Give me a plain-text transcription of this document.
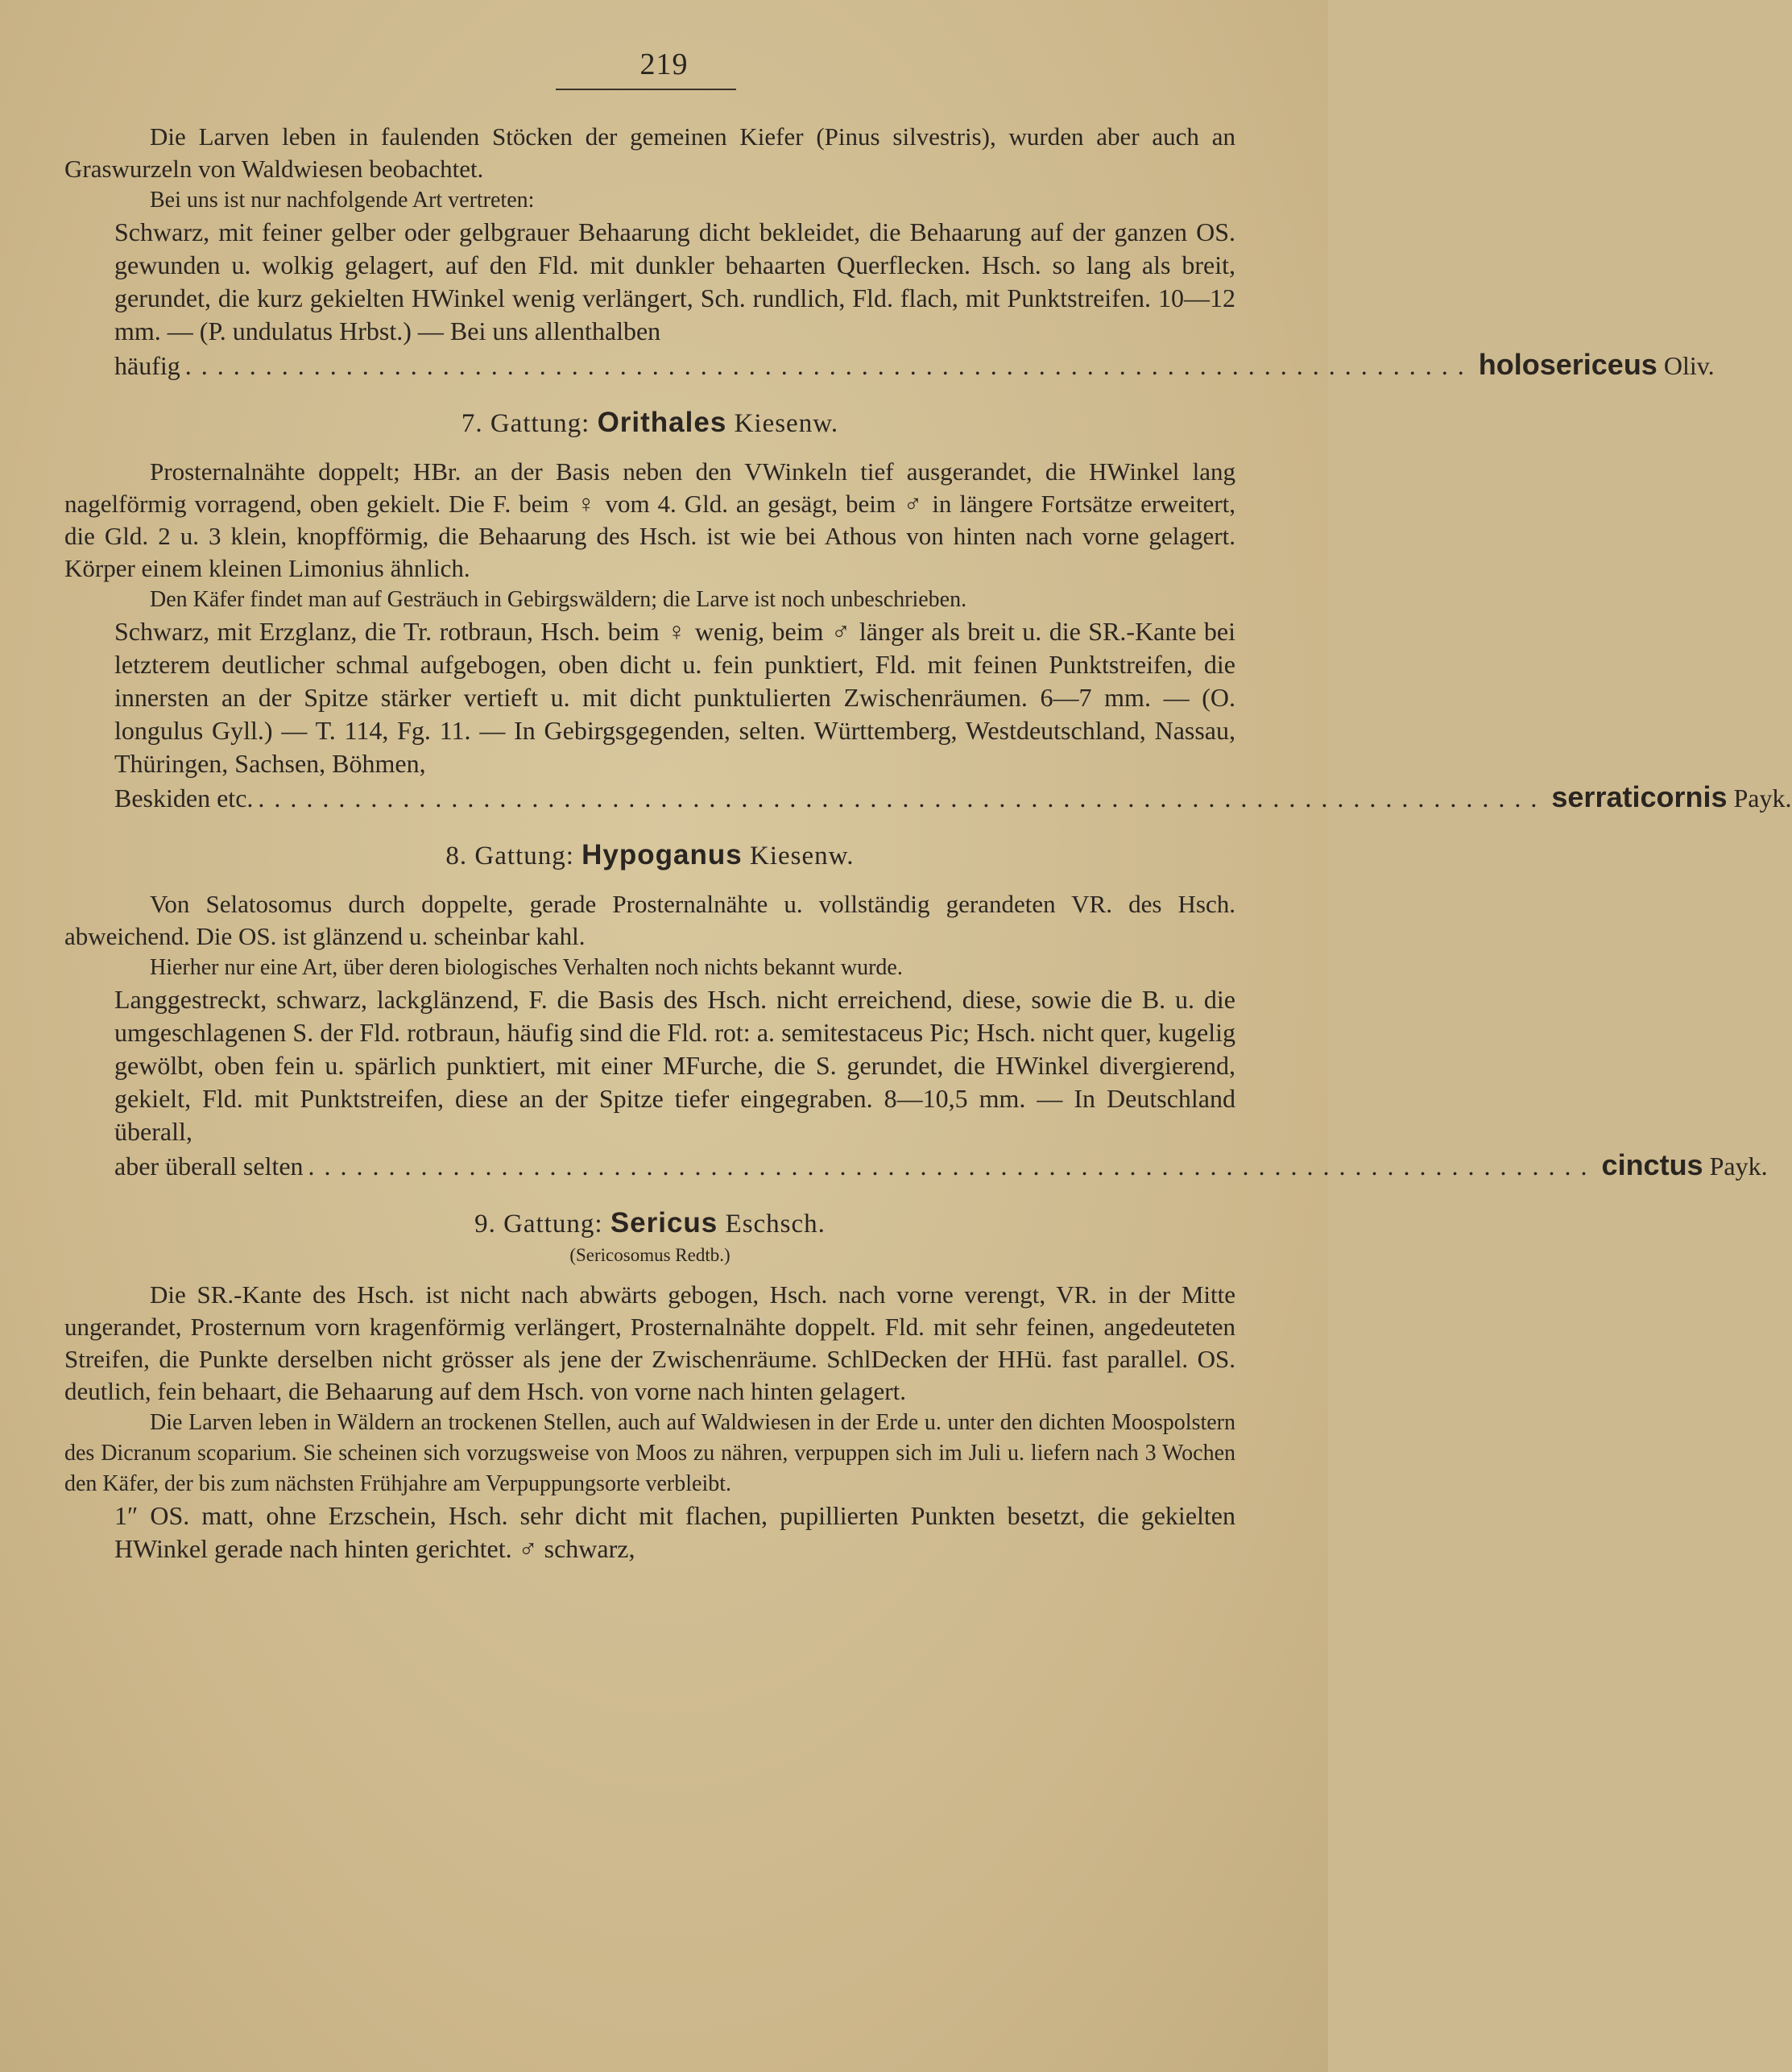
219

Die Larven leben in faulenden Stöcken der gemeinen Kiefer (Pinus silvestris), wurden aber auch an Graswurzeln von Waldwiesen beobachtet.

Bei uns ist nur nachfolgende Art vertreten:

Schwarz, mit feiner gelber oder gelbgrauer Behaarung dicht bekleidet, die Behaarung auf der ganzen OS. gewunden u. wolkig gelagert, auf den Fld. mit dunkler behaarten Querflecken. Hsch. so lang als breit, gerundet, die kurz gekielten HWinkel wenig verlängert, Sch. rundlich, Fld. flach, mit Punktstreifen. 10—12 mm. — (P. undulatus Hrbst.) — Bei uns allenthalben

häufig ................................................................................ holosericeus Oliv.
7. Gattung: Orithales Kiesenw.

Prosternalnähte doppelt; HBr. an der Basis neben den VWinkeln tief ausgerandet, die HWinkel lang nagelförmig vorragend, oben gekielt. Die F. beim ♀ vom 4. Gld. an gesägt, beim ♂ in längere Fortsätze erweitert, die Gld. 2 u. 3 klein, knopfförmig, die Behaarung des Hsch. ist wie bei Athous von hinten nach vorne gelagert. Körper einem kleinen Limonius ähnlich.

Den Käfer findet man auf Gesträuch in Gebirgswäldern; die Larve ist noch unbeschrieben.

Schwarz, mit Erzglanz, die Tr. rotbraun, Hsch. beim ♀ wenig, beim ♂ länger als breit u. die SR.-Kante bei letzterem deutlicher schmal aufgebogen, oben dicht u. fein punktiert, Fld. mit feinen Punktstreifen, die innersten an der Spitze stärker vertieft u. mit dicht punktulierten Zwischenräumen. 6—7 mm. — (O. longulus Gyll.) — T. 114, Fg. 11. — In Gebirgsgegenden, selten. Württemberg, Westdeutschland, Nassau, Thüringen, Sachsen, Böhmen,

Beskiden etc. ................................................................................ serraticornis Payk.
8. Gattung: Hypoganus Kiesenw.

Von Selatosomus durch doppelte, gerade Prosternalnähte u. vollständig gerandeten VR. des Hsch. abweichend. Die OS. ist glänzend u. scheinbar kahl.

Hierher nur eine Art, über deren biologisches Verhalten noch nichts bekannt wurde.

Langgestreckt, schwarz, lackglänzend, F. die Basis des Hsch. nicht erreichend, diese, sowie die B. u. die umgeschlagenen S. der Fld. rotbraun, häufig sind die Fld. rot: a. semitestaceus Pic; Hsch. nicht quer, kugelig gewölbt, oben fein u. spärlich punktiert, mit einer MFurche, die S. gerundet, die HWinkel divergierend, gekielt, Fld. mit Punktstreifen, diese an der Spitze tiefer eingegraben. 8—10,5 mm. — In Deutschland überall,

aber überall selten ................................................................................ cinctus Payk.
9. Gattung: Sericus Eschsch.
(Sericosomus Redtb.)

Die SR.-Kante des Hsch. ist nicht nach abwärts gebogen, Hsch. nach vorne verengt, VR. in der Mitte ungerandet, Prosternum vorn kragenförmig verlängert, Prosternalnähte doppelt. Fld. mit sehr feinen, angedeuteten Streifen, die Punkte derselben nicht grösser als jene der Zwischenräume. SchlDecken der HHü. fast parallel. OS. deutlich, fein behaart, die Behaarung auf dem Hsch. von vorne nach hinten gelagert.

Die Larven leben in Wäldern an trockenen Stellen, auch auf Waldwiesen in der Erde u. unter den dichten Moospolstern des Dicranum scoparium. Sie scheinen sich vorzugsweise von Moos zu nähren, verpuppen sich im Juli u. liefern nach 3 Wochen den Käfer, der bis zum nächsten Frühjahre am Verpuppungsorte verbleibt.

1″ OS. matt, ohne Erzschein, Hsch. sehr dicht mit flachen, pupillierten Punkten besetzt, die gekielten HWinkel gerade nach hinten gerichtet. ♂ schwarz,
